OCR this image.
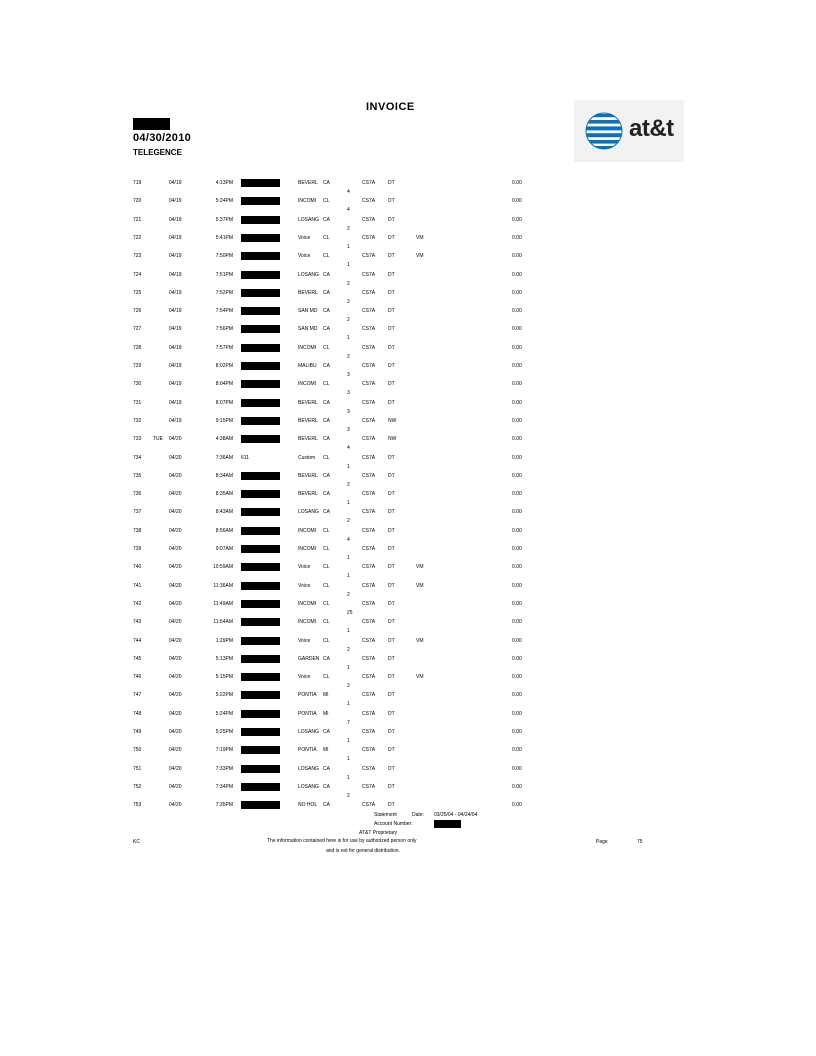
INVOICE
04/30/2010
TELEGENCE
at&t
719	04/19	4:13PM	BEVERL CA	CS7A	DT	0.00
4
720	04/19	5:24PM	INCOMI CL	CS7A	DT	0.00
4
721	04/19	5:37PM	LOSANG CA	CS7A	DT	0.00
2
722	04/19	5:41PM	Voice	CL	CS7A	DT	VM	0.00
1
723	04/19	7:50PM	Voice	CL	CS7A	DT	VM	0.00
1
724	04/19	7:51PM	LOSANG CA	CS7A	DT	0.00
2
725	04/19	7:52PM	BEVERL CA	CS7A	DT	0.00
2
726	04/19	7:54PM	SAN MD CA	CS7A	DT	0.00
2
727	04/19	7:56PM	SAN MD CA	CS7A	DT	0.00
1
728	04/19	7:57PM	INCOMI CL	CS7A	DT	0.00
2
729	04/19	8:02PM	MALIBU CA	CS7A	DT	0.00
3
730	04/19	8:04PM	INCOMI CL	CS7A	DT	0.00
3
731	04/19	8:07PM	BEVERL CA	CS7A	DT	0.00
3
732	04/19	9:15PM	BEVERL CA	CS7A	NW	0.00
3
733 TUE 04/20	4:38AM	BEVERL CA	CS7A	NW	0.00
4
734	04/20	7:36AM 611	Custom CL	CS7A	DT	0.00
1
735	04/20	8:34AM	BEVERL CA	CS7A	DT	0.00
2
736	04/20	8:35AM	BEVERL CA	CS7A	DT	0.00
1
737	04/20	8:43AM	LOSANG CA	CS7A	DT	0.00
2
738	04/20	8:56AM	INCOMI CL	CS7A	DT	0.00
4
739	04/20	9:07AM	INCOMI CL	CS7A	DT	0.00
1
740	04/20	10:59AM	Voice	CL	CS7A	DT	VM	0.00
1
741	04/20	11:36AM	Voice	CL	CS7A	DT	VM	0.00
2
742	04/20	11:49AM	INCOMI CL	CS7A	DT	0.00
25
743	04/20	11:54AM	INCOMI CL	CS7A	DT	0.00
1
744	04/20	1:29PM	Voice	CL	CS7A	DT	VM	0.00
2
745	04/20	5:13PM	GARDEN CA	CS7A	DT	0.00
1
746	04/20	5:15PM	Voice	CL	CS7A	DT	VM	0.00
2
747	04/20	5:22PM	PONTIA MI	CS7A	DT	0.00
1
748	04/20	5:24PM	PONTIA MI	CS7A	DT	0.00
7
749	04/20	5:25PM	LOSANG CA	CS7A	DT	0.00
1
750	04/20	7:19PM	PONTIA MI	CS7A	DT	0.00
1
751	04/20	7:33PM	LOSANG CA	CS7A	DT	0.00
1
752	04/20	7:34PM	LOSANG CA	CS7A	DT	0.00
2
753	04/20	7:35PM	NO HOL CA	CS7A	DT	0.00
Statement	Date: 03/25/04 - 04/24/04
Account Number:
AT&T Proprietary
KC	The information contained here is for use by authorized person only
and is not for general distribution.
Page	75
